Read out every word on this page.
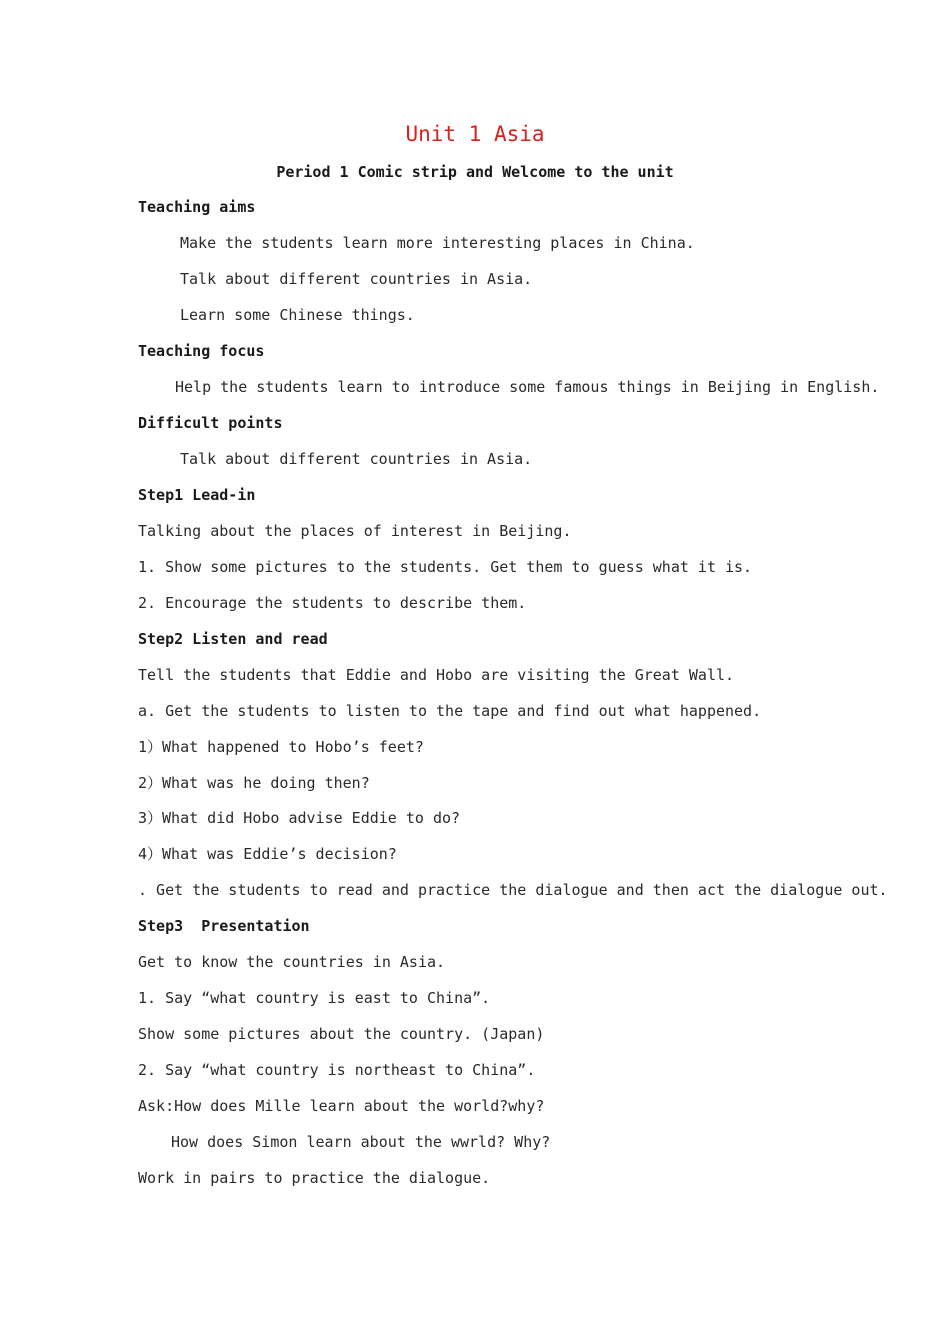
Unit 1 Asia
Period 1 Comic strip and Welcome to the unit
Teaching aims
Make the students learn more interesting places in China.
Talk about different countries in Asia.
Learn some Chinese things.
Teaching focus
Help the students learn to introduce some famous things in Beijing in English.
Difficult points
Talk about different countries in Asia.
Step1 Lead-in
Talking about the places of interest in Beijing.
1. Show some pictures to the students. Get them to guess what it is.
2. Encourage the students to describe them.
Step2 Listen and read
Tell the students that Eddie and Hobo are visiting the Great Wall.
a. Get the students to listen to the tape and find out what happened.
1）What happened to Hobo’s feet?
2）What was he doing then?
3）What did Hobo advise Eddie to do?
4）What was Eddie’s decision?
. Get the students to read and practice the dialogue and then act the dialogue out.
Step3  Presentation
Get to know the countries in Asia.
1. Say “what country is east to China”.
Show some pictures about the country. (Japan)
2. Say “what country is northeast to China”.
Ask:How does Mille learn about the world?why?
How does Simon learn about the wwrld? Why?
Work in pairs to practice the dialogue.
